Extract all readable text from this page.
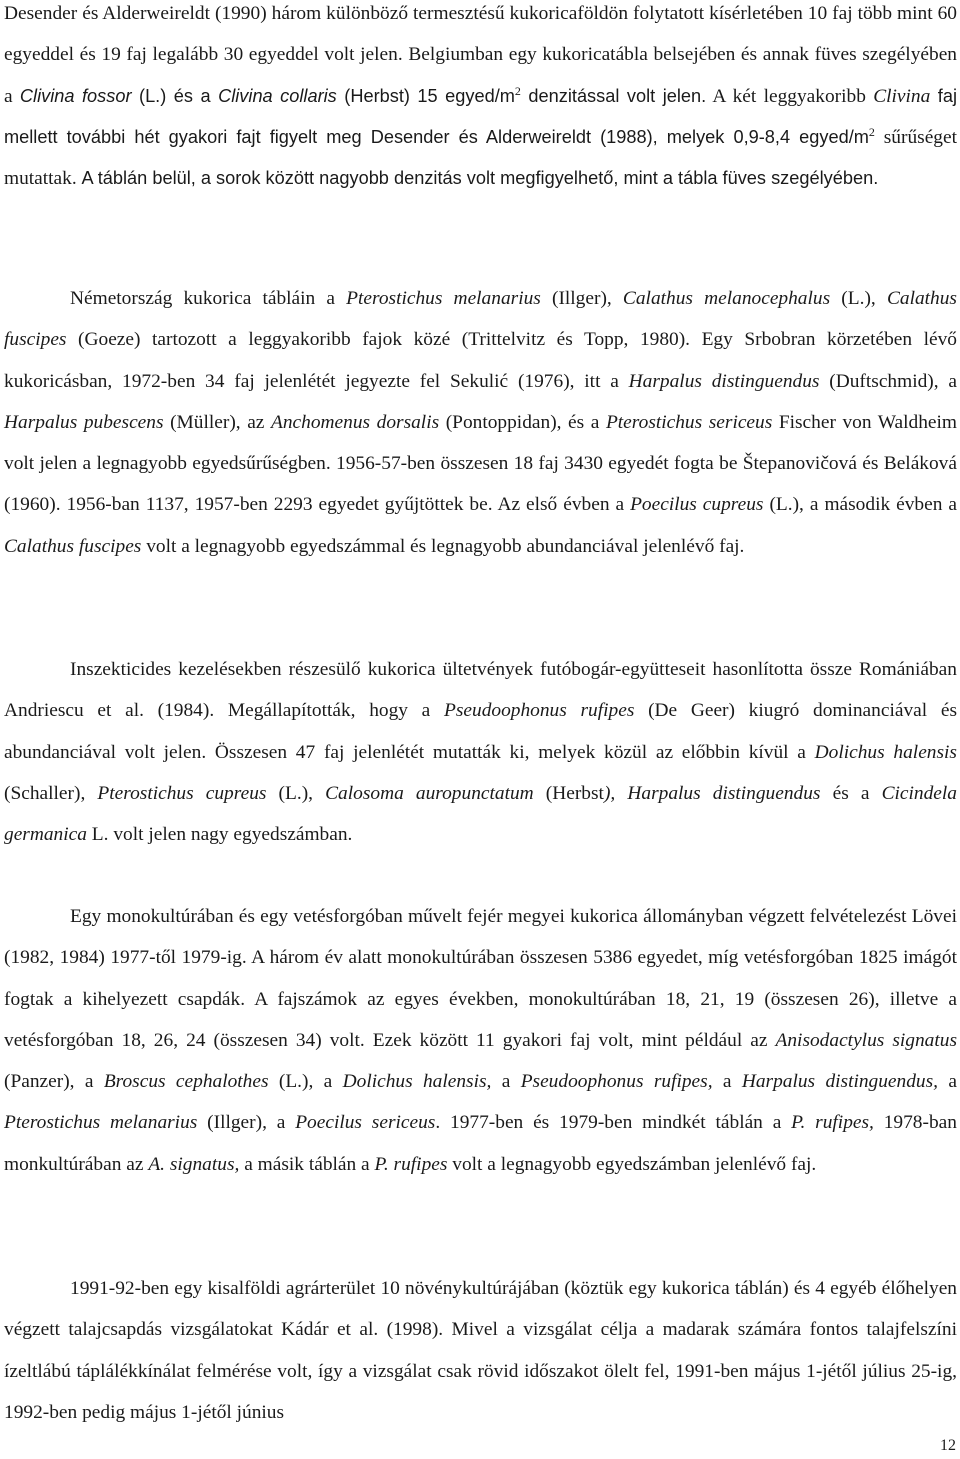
Desender és Alderweireldt (1990) három különböző termesztésű kukoricaföldön folytatott kísérletében 10 faj több mint 60 egyeddel és 19 faj legalább 30 egyeddel volt jelen. Belgiumban egy kukoricatábla belsejében és annak füves szegélyében a Clivina fossor (L.) és a Clivina collaris (Herbst) 15 egyed/$m^2$ denzitással volt jelen. A két leggyakoribb Clivina faj mellett további hét gyakori fajt figyelt meg Desender és Alderweireldt (1988), melyek 0,9-8,4 egyed/$m^2$ sűrűséget mutattak. A táblán belül, a sorok között nagyobb denzitás volt megfigyelhető, mint a tábla füves szegélyében.

Németország kukorica tábláin a Pterostichus melanarius (Illger), Calathus melanocephalus (L.), Calathus fuscipes (Goeze) tartozott a leggyakoribb fajok közé (Trittelvitz és Topp, 1980). Egy Srbobran körzetében lévő kukoricásban, 1972-ben 34 faj jelenlétét jegyezte fel Sekulić (1976), itt a Harpalus distinguendus (Duftschmid), a Harpalus pubescens (Müller), az Anchomenus dorsalis (Pontoppidan), és a Pterostichus sericeus Fischer von Waldheim volt jelen a legnagyobb egyedsűrűségben. 1956-57-ben összesen 18 faj 3430 egyedét fogta be Štepanovičová és Beláková (1960). 1956-ban 1137, 1957-ben 2293 egyedet gyűjtöttek be. Az első évben a Poecilus cupreus (L.), a második évben a Calathus fuscipes volt a legnagyobb egyedszámmal és legnagyobb abundanciával jelenlévő faj.

Inszekticides kezelésekben részesülő kukorica ültetvények futóbogár-együtteseit hasonlította össze Romániában Andriescu et al. (1984). Megállapították, hogy a Pseudoophonus rufipes (De Geer) kiugró dominanciával és abundanciával volt jelen. Összesen 47 faj jelenlétét mutatták ki, melyek közül az előbbin kívül a Dolichus halensis (Schaller), Pterostichus cupreus (L.), Calosoma auropunctatum (Herbst), Harpalus distinguendus és a Cicindela germanica L. volt jelen nagy egyedszámban.

Egy monokultúrában és egy vetésforgóban művelt fejér megyei kukorica állományban végzett felvételezést Lövei (1982, 1984) 1977-től 1979-ig. A három év alatt monokultúrában összesen 5386 egyedet, míg vetésforgóban 1825 imágót fogtak a kihelyezett csapdák. A fajszámok az egyes években, monokultúrában 18, 21, 19 (összesen 26), illetve a vetésforgóban 18, 26, 24 (összesen 34) volt. Ezek között 11 gyakori faj volt, mint például az Anisodactylus signatus (Panzer), a Broscus cephalothes (L.), a Dolichus halensis, a Pseudoophonus rufipes, a Harpalus distinguendus, a Pterostichus melanarius (Illger), a Poecilus sericeus. 1977-ben és 1979-ben mindkét táblán a P. rufipes, 1978-ban monkultúrában az A. signatus, a másik táblán a P. rufipes volt a legnagyobb egyedszámban jelenlévő faj.

1991-92-ben egy kisalföldi agrárterület 10 növénykultúrájában (köztük egy kukorica táblán) és 4 egyéb élőhelyen végzett talajcsapdás vizsgálatokat Kádár et al. (1998). Mivel a vizsgálat célja a madarak számára fontos talajfelszíni ízeltlábú táplálékkínálat felmérése volt, így a vizsgálat csak rövid időszakot ölelt fel, 1991-ben május 1-jétől július 25-ig, 1992-ben pedig május 1-jétől június

12
